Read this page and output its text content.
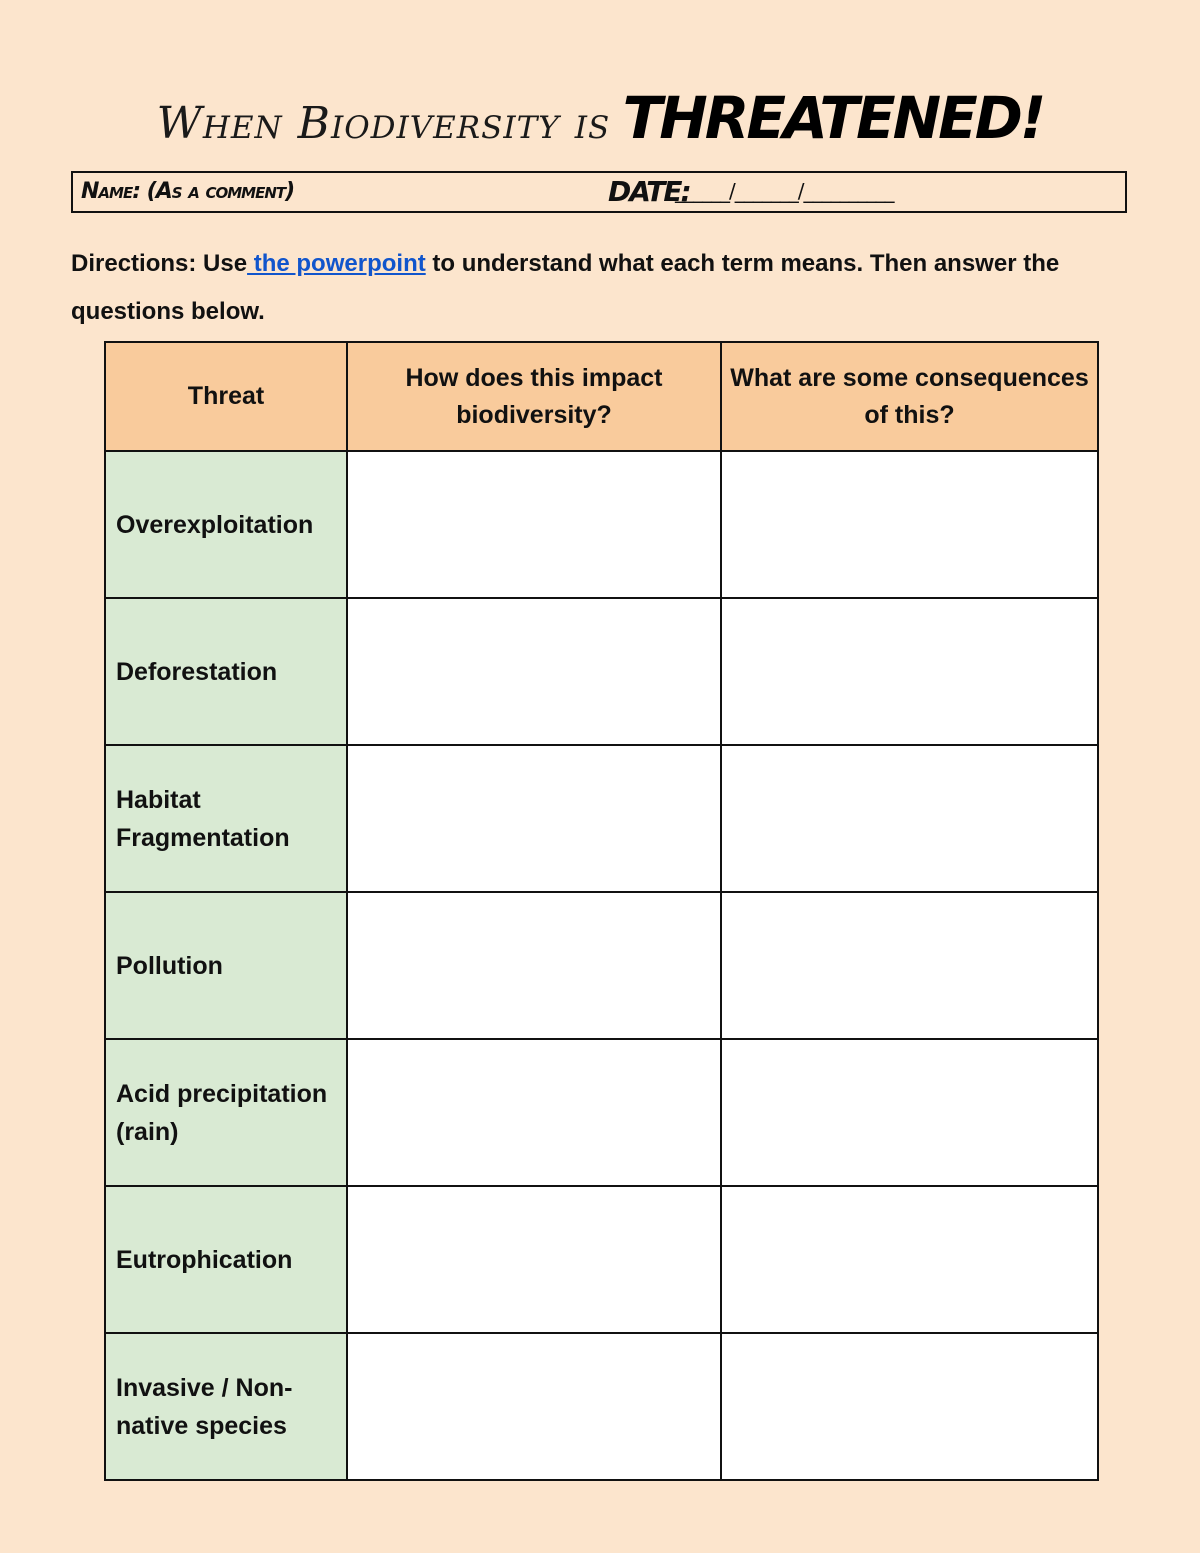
When Biodiversity is THREATENED!
Name: (As a comment)	DATE:
______/_______/__________
Directions: Use the powerpoint to understand what each term means. Then answer the questions below.
Threat	How does this impact biodiversity?	What are some consequences of this?
Overexploitation		
Deforestation		
Habitat Fragmentation		
Pollution		
Acid precipitation (rain)		
Eutrophication		
Invasive / Non-native species		
